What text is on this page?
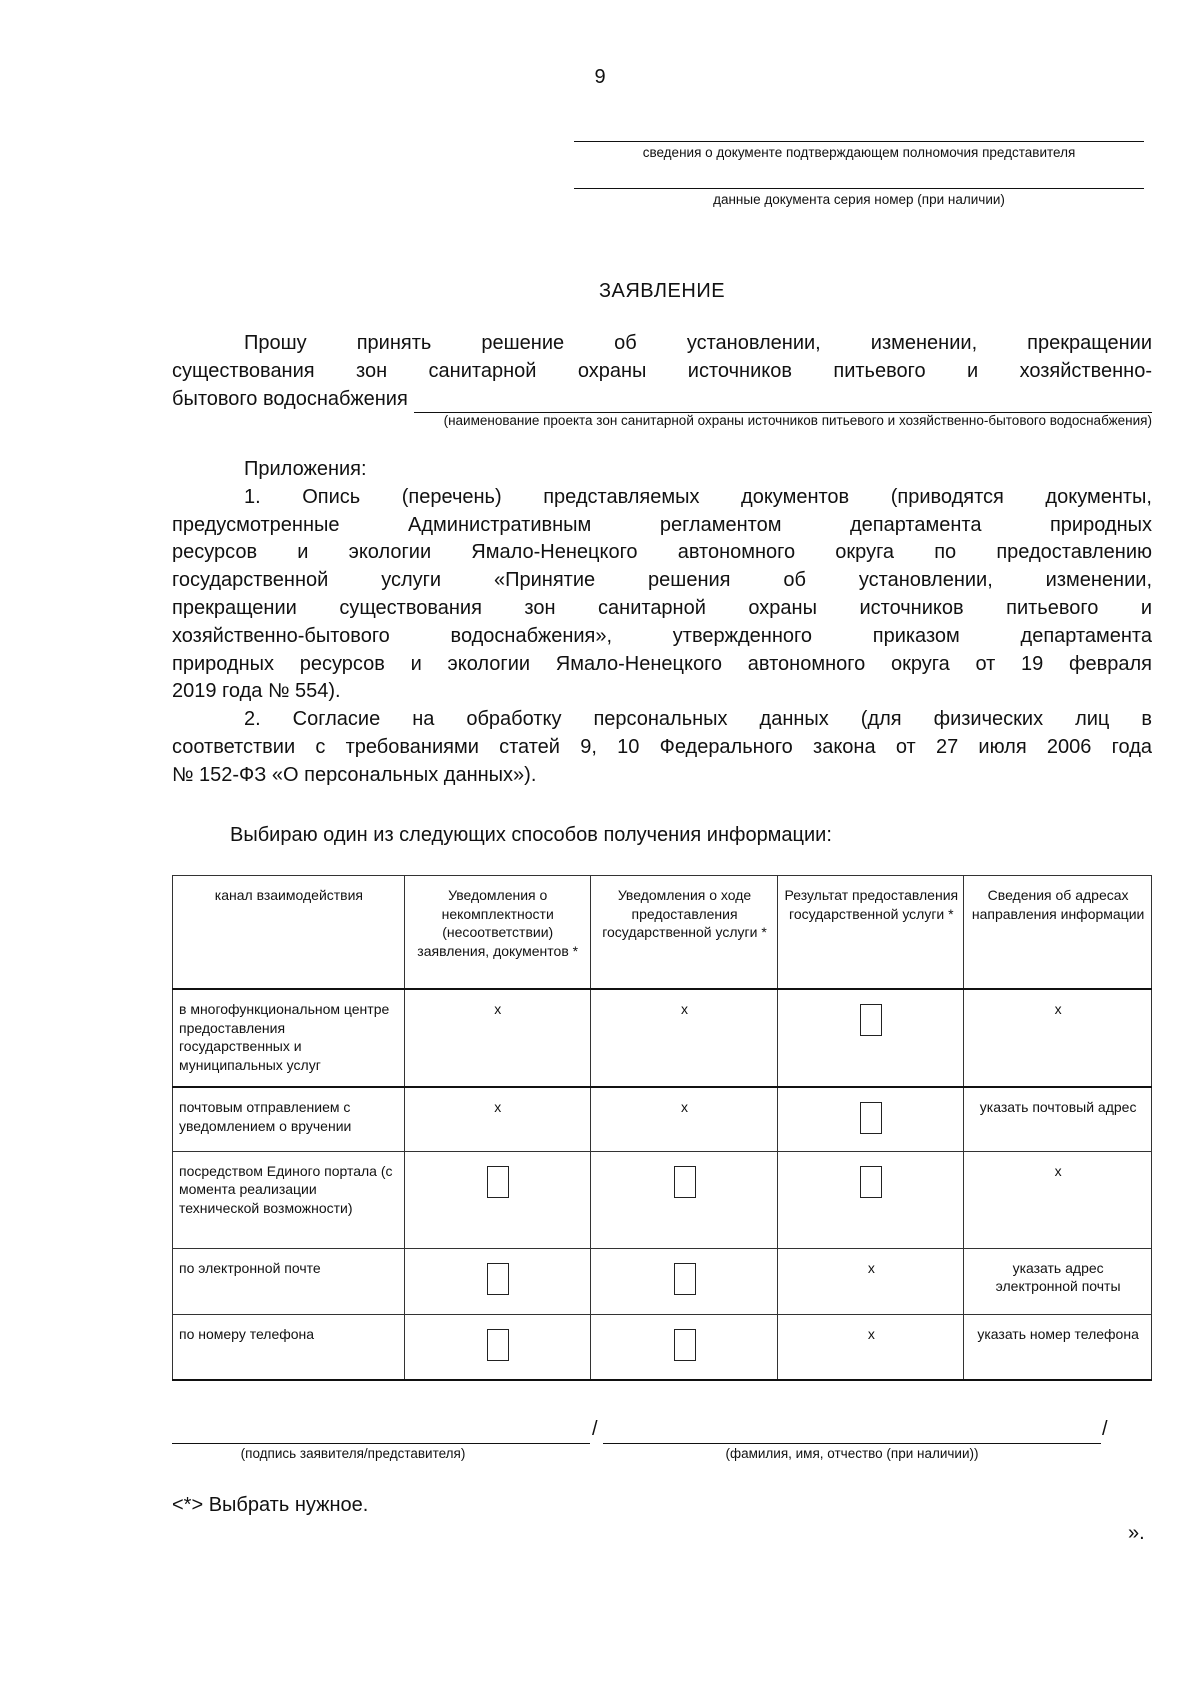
9
сведения о документе подтверждающем полномочия представителя
данные документа серия номер (при наличии)
ЗАЯВЛЕНИЕ
Прошу принять решение об установлении, изменении, прекращении
существования зон санитарной охраны источников питьевого и хозяйственно-
бытового водоснабжения
(наименование проекта зон санитарной охраны источников питьевого и хозяйственно-бытового водоснабжения)
Приложения:
1. Опись (перечень) представляемых документов (приводятся документы,
предусмотренные Административным регламентом департамента природных
ресурсов и экологии Ямало-Ненецкого автономного округа по предоставлению
государственной услуги «Принятие решения об установлении, изменении,
прекращении существования зон санитарной охраны источников питьевого и
хозяйственно-бытового водоснабжения», утвержденного приказом департамента
природных ресурсов и экологии Ямало-Ненецкого автономного округа от 19 февраля
2019 года № 554).
2. Согласие на обработку персональных данных (для физических лиц в
соответствии с требованиями статей 9, 10 Федерального закона от 27 июля 2006 года
№ 152-ФЗ «О персональных данных»).
Выбираю один из следующих способов получения информации:
канал взаимодействия	Уведомления о некомплектности (несоответствии) заявления, документов *	Уведомления о ходе предоставления государственной услуги *	Результат предоставления государственной услуги *	Сведения об адресах направления информации
в многофункциональном центре предоставления государственных и муниципальных услуг	x	x		x
почтовым отправлением с уведомлением о вручении	x	x		указать почтовый адрес
посредством Единого портала (с момента реализации технической возможности)				x
по электронной почте			x	указать адрес электронной почты
по номеру телефона			x	указать номер телефона
/	/
(подпись заявителя/представителя)	(фамилия, имя, отчество (при наличии))
<*> Выбрать нужное.
».
